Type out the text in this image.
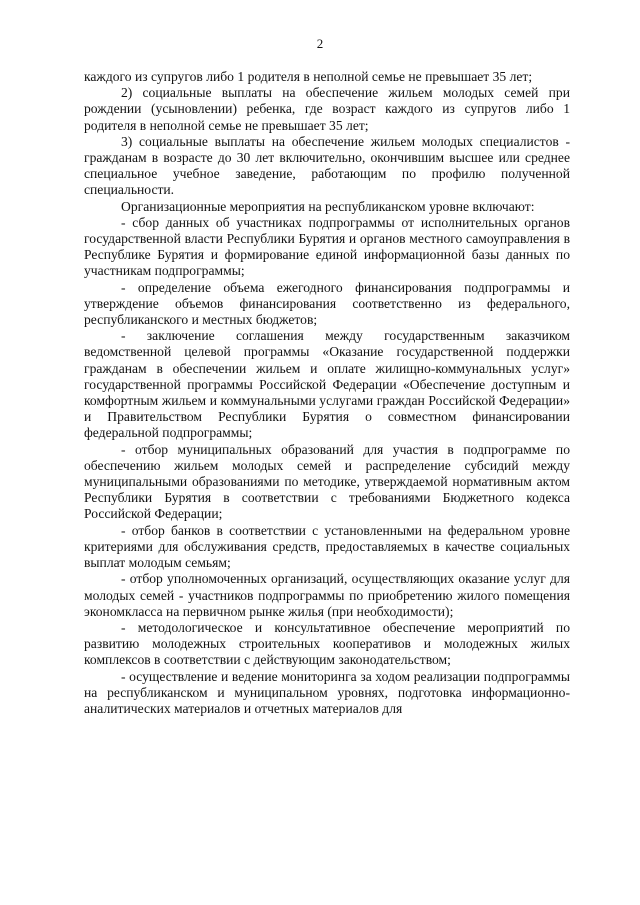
2

каждого из супругов либо 1 родителя в неполной семье не превышает 35 лет;

2) социальные выплаты на обеспечение жильем молодых семей при рождении (усыновлении) ребенка, где возраст каждого из супругов либо 1 родителя в неполной семье не превышает 35 лет;

3) социальные выплаты на обеспечение жильем молодых специалистов - гражданам в возрасте до 30 лет включительно, окончившим высшее или среднее специальное учебное заведение, работающим по профилю полученной специальности.

Организационные мероприятия на республиканском уровне включают:

- сбор данных об участниках подпрограммы от исполнительных органов государственной власти Республики Бурятия и органов местного самоуправления в Республике Бурятия и формирование единой информационной базы данных по участникам подпрограммы;

- определение объема ежегодного финансирования подпрограммы и утверждение объемов финансирования соответственно из федерального, республиканского и местных бюджетов;

- заключение соглашения между государственным заказчиком ведомственной целевой программы «Оказание государственной поддержки гражданам в обеспечении жильем и оплате жилищно-коммунальных услуг» государственной программы Российской Федерации «Обеспечение доступным и комфортным жильем и коммунальными услугами граждан Российской Федерации» и Правительством Республики Бурятия о совместном финансировании федеральной подпрограммы;

- отбор муниципальных образований для участия в подпрограмме по обеспечению жильем молодых семей и распределение субсидий между муниципальными образованиями по методике, утверждаемой нормативным актом Республики Бурятия в соответствии с требованиями Бюджетного кодекса Российской Федерации;

- отбор банков в соответствии с установленными на федеральном уровне критериями для обслуживания средств, предоставляемых в качестве социальных выплат молодым семьям;

- отбор уполномоченных организаций, осуществляющих оказание услуг для молодых семей - участников подпрограммы по приобретению жилого помещения экономкласса на первичном рынке жилья (при необходимости);

- методологическое и консультативное обеспечение мероприятий по развитию молодежных строительных кооперативов и молодежных жилых комплексов в соответствии с действующим законодательством;

- осуществление и ведение мониторинга за ходом реализации подпрограммы на республиканском и муниципальном уровнях, подготовка информационно-аналитических материалов и отчетных материалов для
